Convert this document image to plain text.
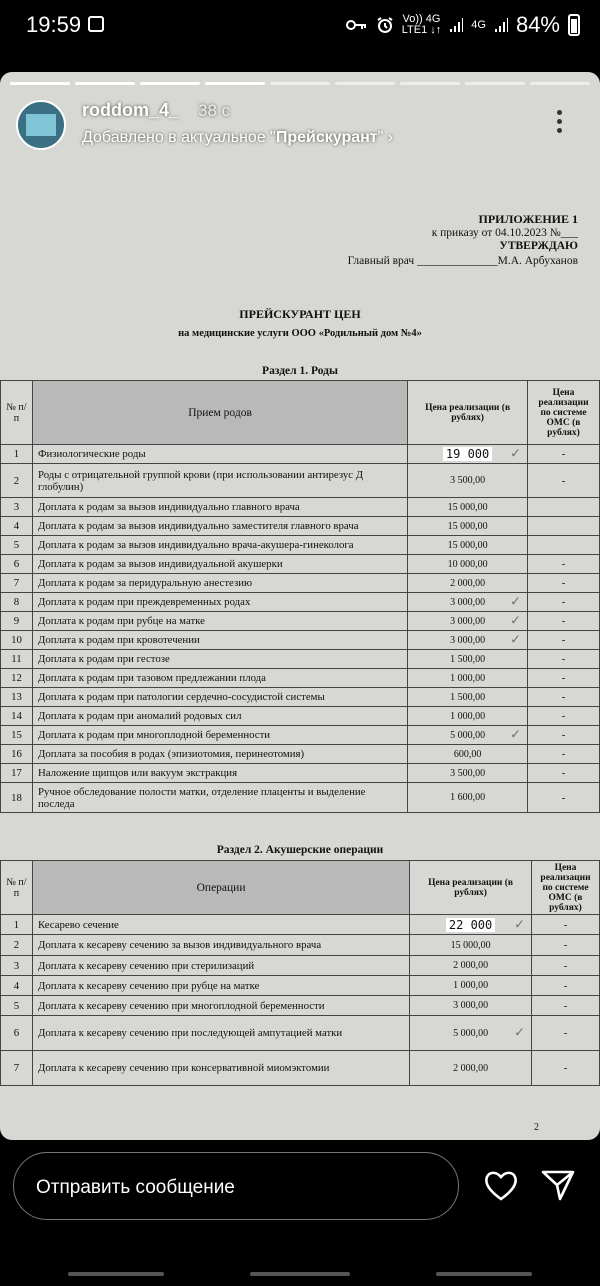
19:59	Vo)) 4G
LTE1 ↓↑	4G 84%
ПРИЛОЖЕНИЕ 1
к приказу от 04.10.2023 №___
УТВЕРЖДАЮ
Главный врач ______________М.А. Арбуханов
ПРЕЙСКУРАНТ ЦЕН
на медицинские услуги ООО «Родильный дом №4»
Раздел 1. Роды
№ п/п	Прием родов	Цена реализации (в рублях)	Цена реализации по системе ОМС (в рублях)
1	Физиологические роды	19 000 ✓	-
2	Роды с отрицательной группой крови (при использовании антирезус Д глобулин)	3 500,00	-
3	Доплата к родам за вызов индивидуально главного врача	15 000,00	
4	Доплата к родам за вызов индивидуально заместителя главного врача	15 000,00	
5	Доплата к родам за вызов индивидуально врача-акушера-гинеколога	15 000,00	
6	Доплата к родам за вызов индивидуальной акушерки	10 000,00	-
7	Доплата к родам за перидуральную анестезию	2 000,00	-
8	Доплата к родам при преждевременных родах	3 000,00 ✓	-
9	Доплата к родам при рубце на матке	3 000,00 ✓	-
10	Доплата к родам при кровотечении	3 000,00 ✓	-
11	Доплата к родам при гестозе	1 500,00	-
12	Доплата к родам при тазовом предлежании плода	1 000,00	-
13	Доплата к родам при патологии сердечно-сосудистой системы	1 500,00	-
14	Доплата к родам при аномалий родовых сил	1 000,00	-
15	Доплата к родам при многоплодной беременности	5 000,00 ✓	-
16	Доплата за пособия в родах (эпизиотомия, перинеотомия)	600,00	-
17	Наложение щипцов или вакуум экстракция	3 500,00	-
18	Ручное обследование полости матки, отделение плаценты и выделение последа	1 600,00	-
Раздел 2. Акушерские операции
№ п/п	Операции	Цена реализации (в рублях)	Цена реализации по системе ОМС (в рублях)
1	Кесарево сечение	22 000 ✓	-
2	Доплата к кесареву сечению за вызов индивидуального врача	15 000,00	-
3	Доплата к кесареву сечению при стерилизаций	2 000,00	-
4	Доплата к кесареву сечению при рубце на матке	1 000,00	-
5	Доплата к кесареву сечению при многоплодной беременности	3 000,00	-
6	Доплата к кесареву сечению при последующей ампутацией матки	5 000,00 ✓	-
7	Доплата к кесареву сечению при консервативной миомэктомии	2 000,00	-
2
roddom_4_ 38 с
Добавлено в актуальное "Прейскурант" ›
Отправить сообщение
